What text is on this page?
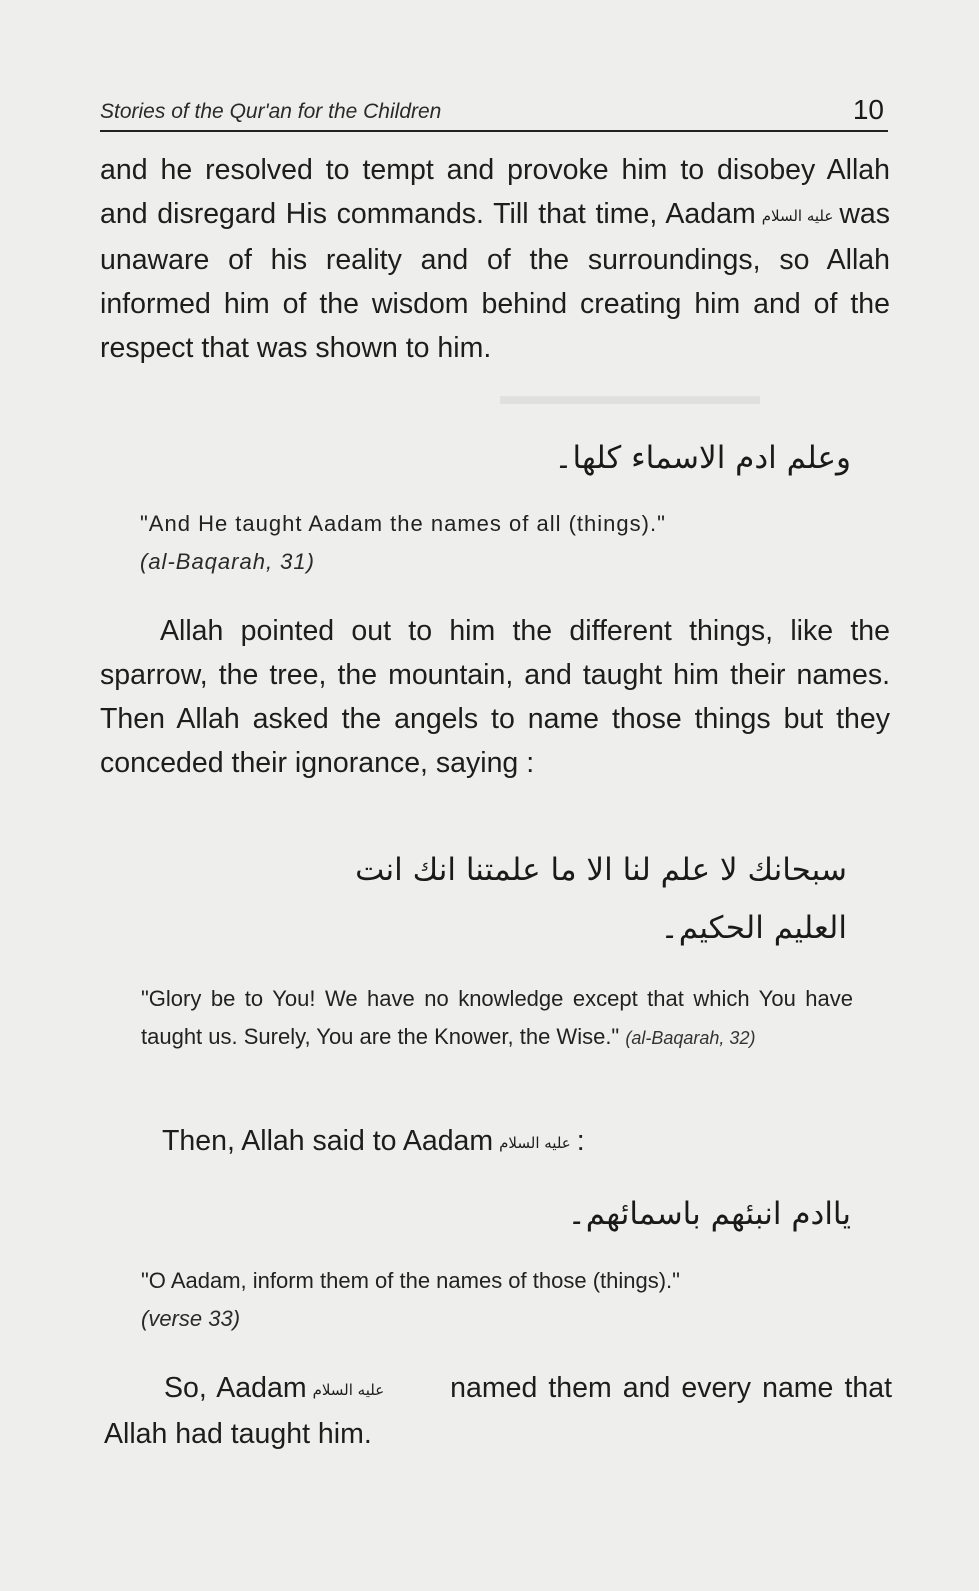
▬▬▬▬▬▬▬▬▬▬
Stories of the Qur'an for the Children	10

and he resolved to tempt and provoke him to disobey Allah and disregard His commands. Till that time, Aadam عليه السلام was unaware of his reality and of the surroundings, so Allah informed him of the wisdom behind creating him and of the respect that was shown to him.

وعلم ادم الاسماء كلها۔
"And He taught Aadam the names of all (things)."
(al-Baqarah, 31)

Allah pointed out to him the different things, like the sparrow, the tree, the mountain, and taught him their names. Then Allah asked the angels to name those things but they conceded their ignorance, saying :

سبحانك لا علم لنا الا ما علمتنا انك انت
العليم الحكيم۔
"Glory be to You! We have no knowledge except that which You have taught us. Surely, You are the Knower, the Wise." (al-Baqarah, 32)
Then, Allah said to Aadam عليه السلام :
یاادم انبئهم باسمائهم۔
"O Aadam, inform them of the names of those (things)."
(verse 33)

So, Aadam عليه السلام named them and every name that Allah had taught him.
